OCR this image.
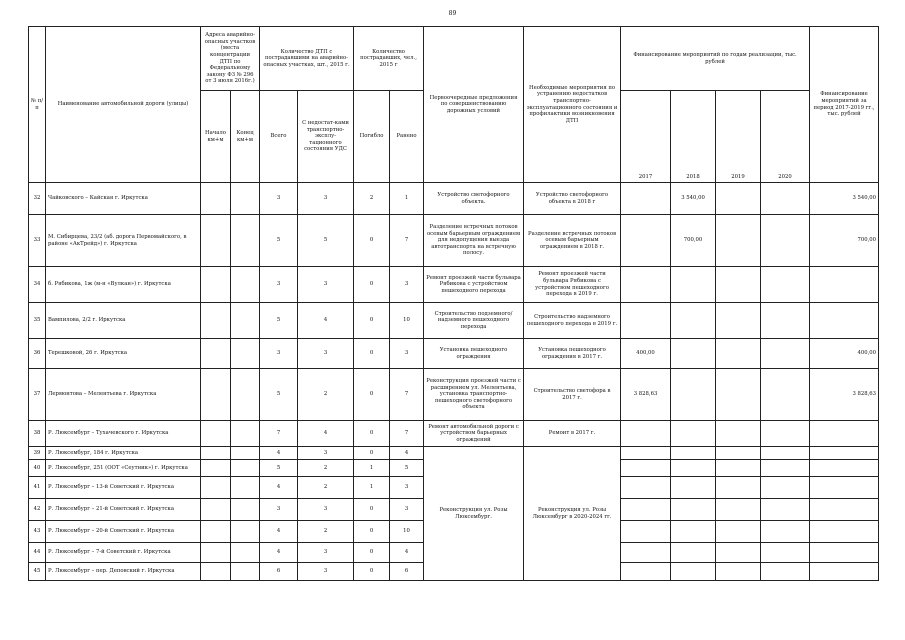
89
№ п/п	Наименование автомобильной дороги (улицы)	Адреса аварийно-опасных участков (места концентрации ДТП по Федеральному закону ФЗ № 296 от 3 июля 2016г.)		Количество ДТП с пострадавшими на аварийно-опасных участках, шт., 2015 г.		Количество пострадавших, чел., 2015 г		Первоочередные предложения по совершенствованию дорожных условий	Необходимые мероприятия по устранению недостатков транспортно-эксплуатационного состояния и профилактики возникновения ДТП	Финансирование мероприятий по годам реализации, тыс. рублей				Финансирование мероприятий за период 2017-2019 гг., тыс. рублей
		Начало км+м	Конец км+м	Всего	С недостат-ками транспортно-эксплу-тационного состояния УДС	Погибло	Ранено			2017	2018	2019	2020	
32	Чайковского – Кайская г. Иркутска			3	3	2	1	Устройство светофорного объекта.	Устройство светофорного объекта в 2018 г		3 540,00			3 540,00
33	М. Сибирцева, 23/2 (аб. дорога Первомайского, в районе «АкТрейд») г. Иркутска			5	5	0	7	Разделение встречных потоков осевым барьерным ограждением для недопущения выезда автотранспорта на встречную полосу.	Разделение встречных потоков осевым барьерным ограждением в 2018 г.		700,00			700,00
34	б. Рябикова, 1ж (м-н «Вулкан») г. Иркутска			3	3	0	3	Ремонт проезжей части бульвара Рябикова с устройством пешеходного перехода	Ремонт проезжей части бульвара Рябикова с устройством пешеходного перехода в 2019 г.					
35	Вампилова, 2/2 г. Иркутска			5	4	0	10	Строительство подземного/надземного пешеходного перехода	Строительство надземного пешеходного перехода в 2019 г.					
36	Терешковой, 26 г. Иркутска			3	3	0	3	Установка пешеходного ограждения	Установка пешеходного ограждения в 2017 г.	400,00				400,00
37	Лермонтова – Мелентьева г. Иркутска			5	2	0	7	Реконструкция проезжей части с расширением ул. Мелентьева, установка транспортно-пешеходного светофорного объекта	Строительство светофора в 2017 г.	3 828,63				3 828,63
38	Р. Люксембург – Тухачевского г. Иркутска			7	4	0	7	Ремонт автомобильной дороги с устройством барьерных ограждений	Ремонт в 2017 г.					
39	Р. Люксембург, 184 г. Иркутска			4	3	0	4	Реконструкция ул. Розы Люксембург.	Реконструкция ул. Розы Люксембург в 2020-2024 гг.					
40	Р. Люксембург, 251 (ООТ «Сеутник») г. Иркутска			5	2	1	5							
41	Р. Люксембург – 13-й Советский г. Иркутска			4	2	1	3							
42	Р. Люксембург – 21-й Советский г. Иркутска			3	3	0	3							
43	Р. Люксембург – 20-й Советский г. Иркутска			4	2	0	10							
44	Р. Люксембург – 7-й Советский г. Иркутска			4	3	0	4							
45	Р. Люксембург – пер. Деповский г. Иркутска			6	3	0	6							
